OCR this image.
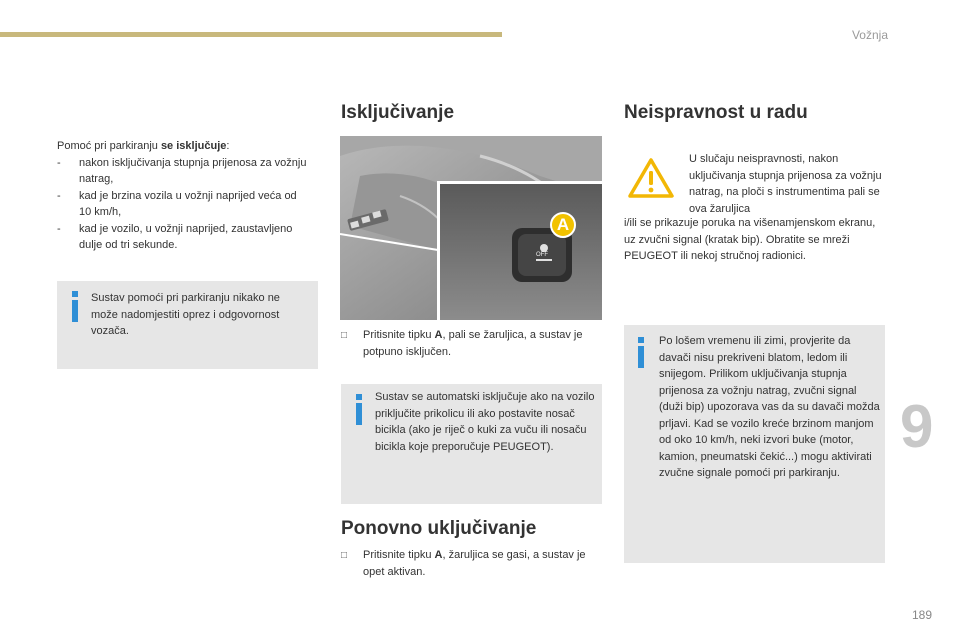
Vožnja
9
189
Pomoć pri parkiranju se isključuje:
-	nakon isključivanja stupnja prijenosa za vožnju natrag,
-	kad je brzina vozila u vožnji naprijed veća od 10 km/h,
-	kad je vozilo, u vožnji naprijed, zaustavljeno dulje od tri sekunde.
Sustav pomoći pri parkiranju nikako ne može nadomjestiti oprez i odgovornost vozača.
Isključivanje
OFF
A
□	Pritisnite tipku A, pali se žaruljica, a sustav je potpuno isključen.
Sustav se automatski isključuje ako na vozilo priključite prikolicu ili ako postavite nosač bicikla (ako je riječ o kuki za vuču ili nosaču bicikla koje preporučuje PEUGEOT).
Ponovno uključivanje
□	Pritisnite tipku A, žaruljica se gasi, a sustav je opet aktivan.
Neispravnost u radu
U slučaju neispravnosti, nakon uključivanja stupnja prijenosa za vožnju natrag, na ploči s instrumentima pali se ova žaruljica
i/ili se prikazuje poruka na višenamjenskom ekranu, uz zvučni signal (kratak bip). Obratite se mreži PEUGEOT ili nekoj stručnoj radionici.
Po lošem vremenu ili zimi, provjerite da davači nisu prekriveni blatom, ledom ili snijegom. Prilikom uključivanja stupnja prijenosa za vožnju natrag, zvučni signal (duži bip) upozorava vas da su davači možda prljavi. Kad se vozilo kreće brzinom manjom od oko 10 km/h, neki izvori buke (motor, kamion, pneumatski čekić...) mogu aktivirati zvučne signale pomoći pri parkiranju.
